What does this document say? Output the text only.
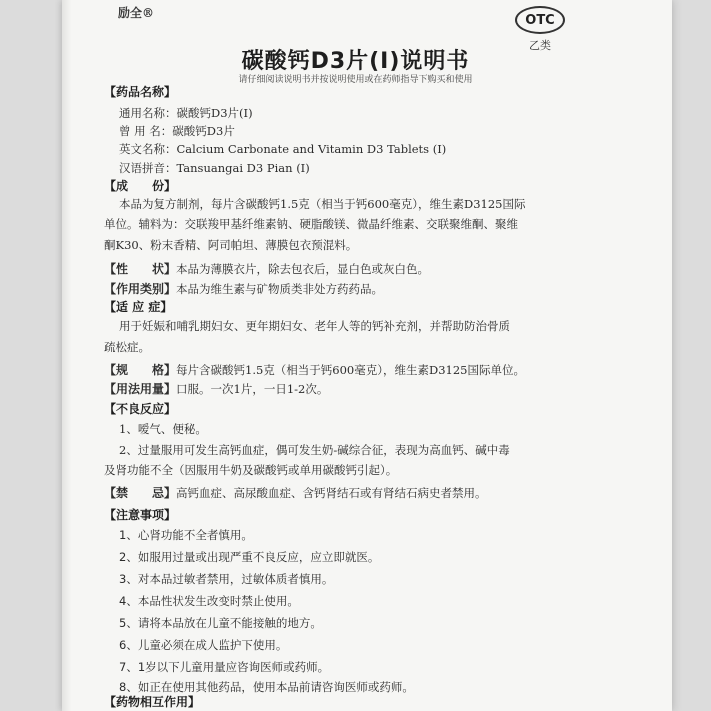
励全®	OTC
乙类
碳酸钙D3片(I)说明书
请仔细阅读说明书并按说明使用或在药师指导下购买和使用
【药品名称】
通用名称：碳酸钙D3片(I)
曾 用 名：碳酸钙D3片
英文名称：Calcium Carbonate and Vitamin D3 Tablets (I)
汉语拼音：Tansuangai D3 Pian (I)
【成　　份】
本品为复方制剂，每片含碳酸钙1.5克（相当于钙600毫克），维生素D3125国际
单位。辅料为：交联羧甲基纤维素钠、硬脂酸镁、微晶纤维素、交联聚维酮、聚维
酮K30、粉末香精、阿司帕坦、薄膜包衣预混料。
【性　　状】本品为薄膜衣片，除去包衣后，显白色或灰白色。
【作用类别】本品为维生素与矿物质类非处方药药品。
【适 应 症】
用于妊娠和哺乳期妇女、更年期妇女、老年人等的钙补充剂，并帮助防治骨质
疏松症。
【规　　格】每片含碳酸钙1.5克（相当于钙600毫克），维生素D3125国际单位。
【用法用量】口服。一次1片，一日1-2次。
【不良反应】
1、嗳气、便秘。
2、过量服用可发生高钙血症，偶可发生奶-碱综合征，表现为高血钙、碱中毒
及肾功能不全（因服用牛奶及碳酸钙或单用碳酸钙引起）。
【禁　　忌】高钙血症、高尿酸血症、含钙肾结石或有肾结石病史者禁用。
【注意事项】
1、心肾功能不全者慎用。
2、如服用过量或出现严重不良反应，应立即就医。
3、对本品过敏者禁用，过敏体质者慎用。
4、本品性状发生改变时禁止使用。
5、请将本品放在儿童不能接触的地方。
6、儿童必须在成人监护下使用。
7、1岁以下儿童用量应咨询医师或药师。
8、如正在使用其他药品，使用本品前请咨询医师或药师。
【药物相互作用】
